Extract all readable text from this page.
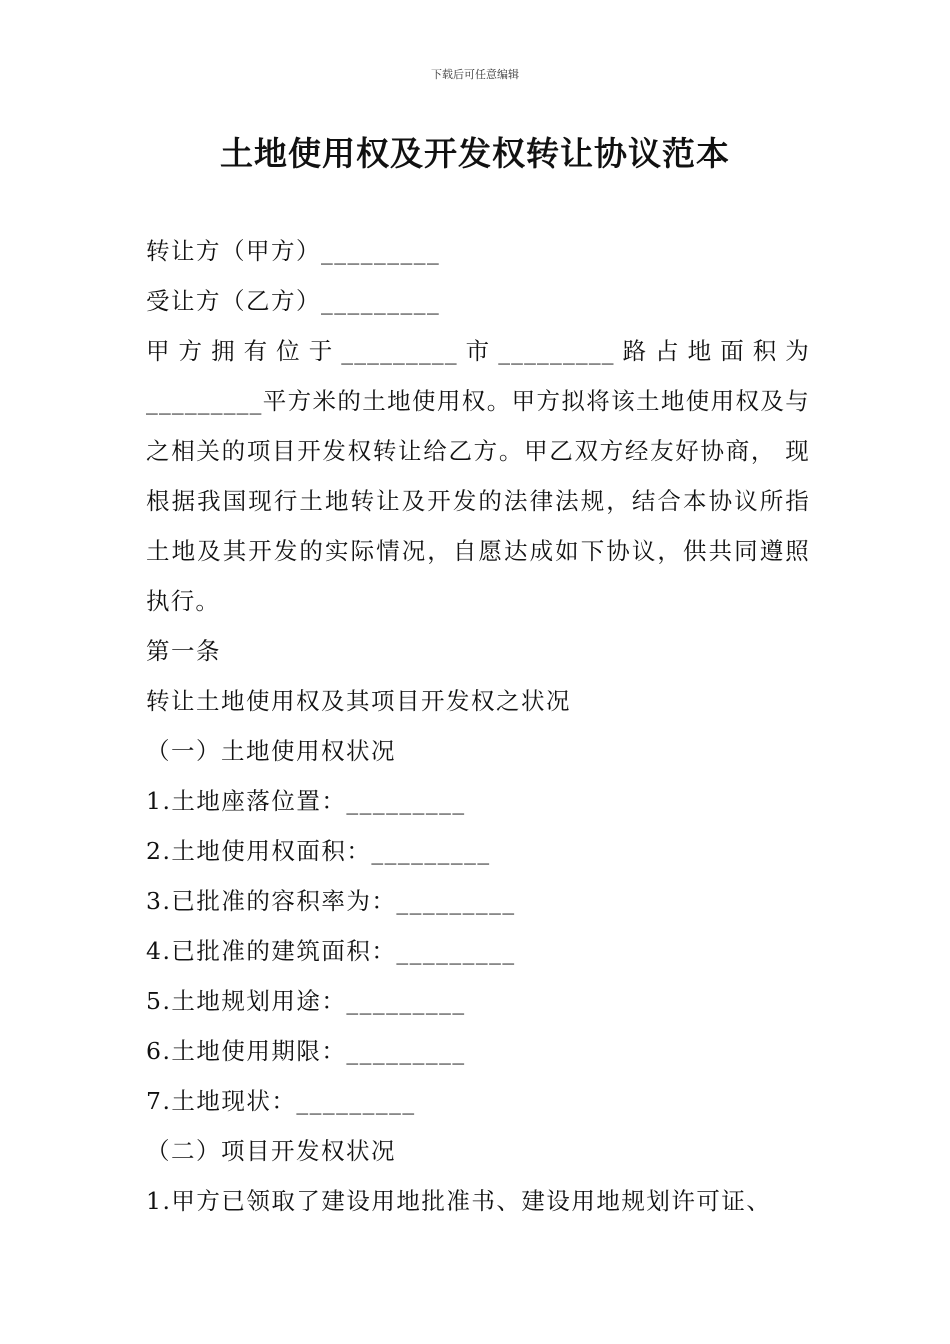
下载后可任意编辑
土地使用权及开发权转让协议范本

转让方（甲方）_________

受让方（乙方）_________

甲方拥有位于_________市_________路占地面积为_________平方米的土地使用权。甲方拟将该土地使用权及与之相关的项目开发权转让给乙方。甲乙双方经友好协商， 现根据我国现行土地转让及开发的法律法规，结合本协议所指土地及其开发的实际情况，自愿达成如下协议，供共同遵照执行。

第一条

转让土地使用权及其项目开发权之状况

（一）土地使用权状况

1.土地座落位置：_________

2.土地使用权面积：_________

3.已批准的容积率为：_________

4.已批准的建筑面积：_________

5.土地规划用途：_________

6.土地使用期限：_________

7.土地现状：_________

（二）项目开发权状况

1.甲方已领取了建设用地批准书、建设用地规划许可证、
